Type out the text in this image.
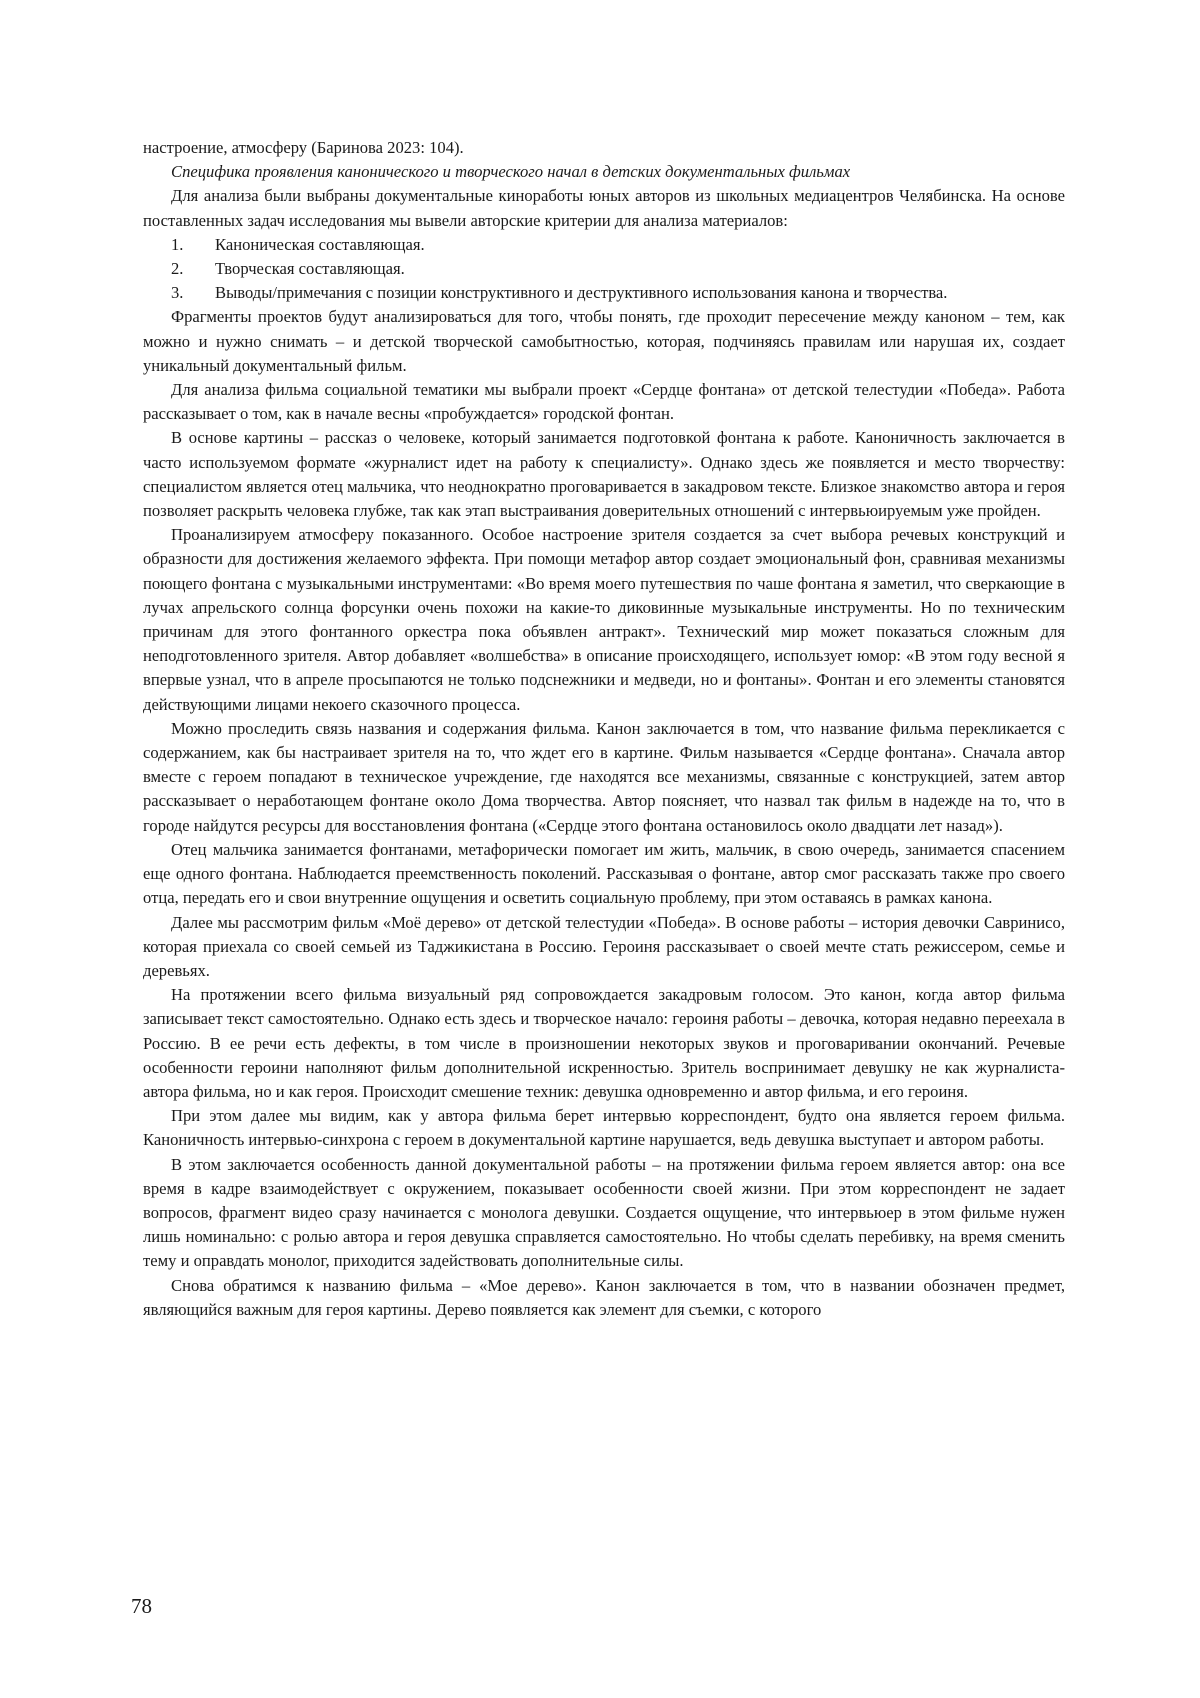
настроение, атмосферу (Баринова 2023: 104).

Специфика проявления канонического и творческого начал в детских документальных фильмах

Для анализа были выбраны документальные киноработы юных авторов из школьных медиацентров Челябинска. На основе поставленных задач исследования мы вывели авторские критерии для анализа материалов:

1. Каноническая составляющая.
2. Творческая составляющая.
3. Выводы/примечания с позиции конструктивного и деструктивного использования канона и творчества.

Фрагменты проектов будут анализироваться для того, чтобы понять, где проходит пересечение между каноном – тем, как можно и нужно снимать – и детской творческой самобытностью, которая, подчиняясь правилам или нарушая их, создает уникальный документальный фильм.

Для анализа фильма социальной тематики мы выбрали проект «Сердце фонтана» от детской телестудии «Победа». Работа рассказывает о том, как в начале весны «пробуждается» городской фонтан.

В основе картины – рассказ о человеке, который занимается подготовкой фонтана к работе. Каноничность заключается в часто используемом формате «журналист идет на работу к специалисту». Однако здесь же появляется и место творчеству: специалистом является отец мальчика, что неоднократно проговаривается в закадровом тексте. Близкое знакомство автора и героя позволяет раскрыть человека глубже, так как этап выстраивания доверительных отношений с интервьюируемым уже пройден.

Проанализируем атмосферу показанного. Особое настроение зрителя создается за счет выбора речевых конструкций и образности для достижения желаемого эффекта. При помощи метафор автор создает эмоциональный фон, сравнивая механизмы поющего фонтана с музыкальными инструментами: «Во время моего путешествия по чаше фонтана я заметил, что сверкающие в лучах апрельского солнца форсунки очень похожи на какие-то диковинные музыкальные инструменты. Но по техническим причинам для этого фонтанного оркестра пока объявлен антракт». Технический мир может показаться сложным для неподготовленного зрителя. Автор добавляет «волшебства» в описание происходящего, использует юмор: «В этом году весной я впервые узнал, что в апреле просыпаются не только подснежники и медведи, но и фонтаны». Фонтан и его элементы становятся действующими лицами некоего сказочного процесса.

Можно проследить связь названия и содержания фильма. Канон заключается в том, что название фильма перекликается с содержанием, как бы настраивает зрителя на то, что ждет его в картине. Фильм называется «Сердце фонтана». Сначала автор вместе с героем попадают в техническое учреждение, где находятся все механизмы, связанные с конструкцией, затем автор рассказывает о неработающем фонтане около Дома творчества. Автор поясняет, что назвал так фильм в надежде на то, что в городе найдутся ресурсы для восстановления фонтана («Сердце этого фонтана остановилось около двадцати лет назад»).

Отец мальчика занимается фонтанами, метафорически помогает им жить, мальчик, в свою очередь, занимается спасением еще одного фонтана. Наблюдается преемственность поколений. Рассказывая о фонтане, автор смог рассказать также про своего отца, передать его и свои внутренние ощущения и осветить социальную проблему, при этом оставаясь в рамках канона.

Далее мы рассмотрим фильм «Моё дерево» от детской телестудии «Победа». В основе работы – история девочки Савринисо, которая приехала со своей семьей из Таджикистана в Россию. Героиня рассказывает о своей мечте стать режиссером, семье и деревьях.

На протяжении всего фильма визуальный ряд сопровождается закадровым голосом. Это канон, когда автор фильма записывает текст самостоятельно. Однако есть здесь и творческое начало: героиня работы – девочка, которая недавно переехала в Россию. В ее речи есть дефекты, в том числе в произношении некоторых звуков и проговаривании окончаний. Речевые особенности героини наполняют фильм дополнительной искренностью. Зритель воспринимает девушку не как журналиста-автора фильма, но и как героя. Происходит смешение техник: девушка одновременно и автор фильма, и его героиня.

При этом далее мы видим, как у автора фильма берет интервью корреспондент, будто она является героем фильма. Каноничность интервью-синхрона с героем в документальной картине нарушается, ведь девушка выступает и автором работы.

В этом заключается особенность данной документальной работы – на протяжении фильма героем является автор: она все время в кадре взаимодействует с окружением, показывает особенности своей жизни. При этом корреспондент не задает вопросов, фрагмент видео сразу начинается с монолога девушки. Создается ощущение, что интервьюер в этом фильме нужен лишь номинально: с ролью автора и героя девушка справляется самостоятельно. Но чтобы сделать перебивку, на время сменить тему и оправдать монолог, приходится задействовать дополнительные силы.

Снова обратимся к названию фильма – «Мое дерево». Канон заключается в том, что в названии обозначен предмет, являющийся важным для героя картины. Дерево появляется как элемент для съемки, с которого

78
